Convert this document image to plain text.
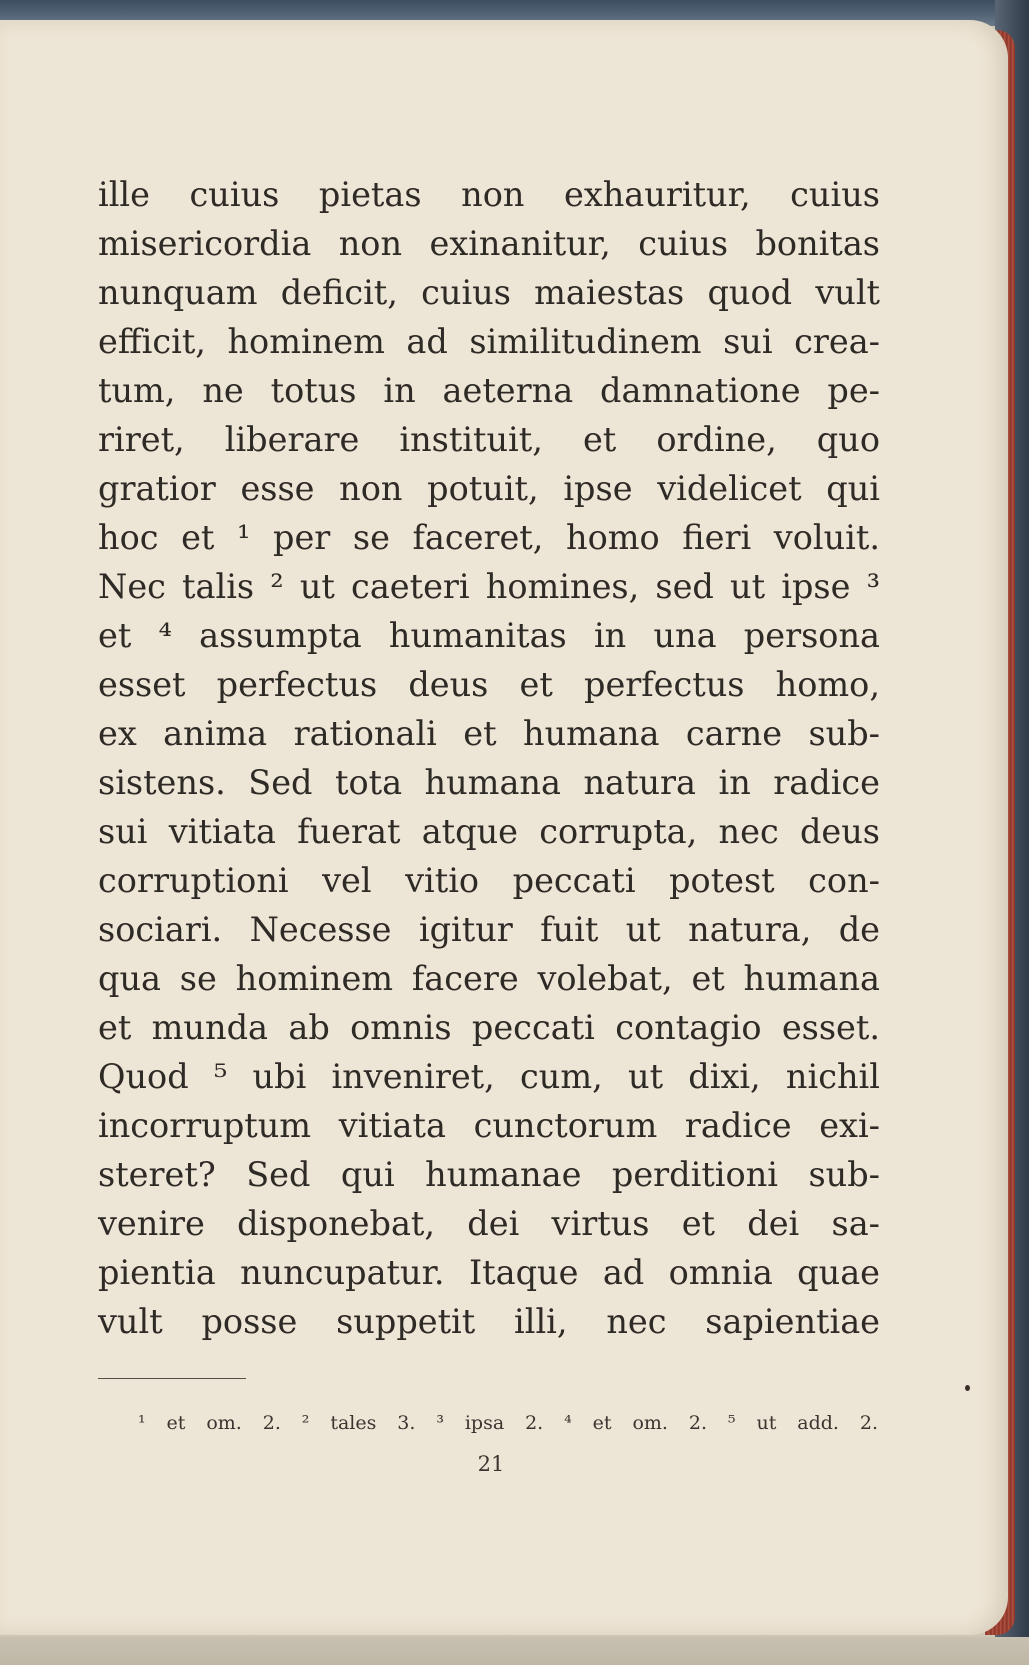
ille cuius pietas non exhauritur, cuius
misericordia non exinanitur, cuius bonitas
nunquam deficit, cuius maiestas quod vult
efficit, hominem ad similitudinem sui crea-
tum, ne totus in aeterna damnatione pe-
riret, liberare instituit, et ordine, quo
gratior esse non potuit, ipse videlicet qui
hoc et ¹ per se faceret, homo fieri voluit.
Nec talis ² ut caeteri homines, sed ut ipse ³
et ⁴ assumpta humanitas in una persona
esset perfectus deus et perfectus homo,
ex anima rationali et humana carne sub-
sistens. Sed tota humana natura in radice
sui vitiata fuerat atque corrupta, nec deus
corruptioni vel vitio peccati potest con-
sociari. Necesse igitur fuit ut natura, de
qua se hominem facere volebat, et humana
et munda ab omnis peccati contagio esset.
Quod ⁵ ubi inveniret, cum, ut dixi, nichil
incorruptum vitiata cunctorum radice exi-
steret? Sed qui humanae perditioni sub-
venire disponebat, dei virtus et dei sa-
pientia nuncupatur. Itaque ad omnia quae
vult posse suppetit illi, nec sapientiae
¹ et om. 2. ² tales 3. ³ ipsa 2. ⁴ et om. 2. ⁵ ut add. 2.
21
